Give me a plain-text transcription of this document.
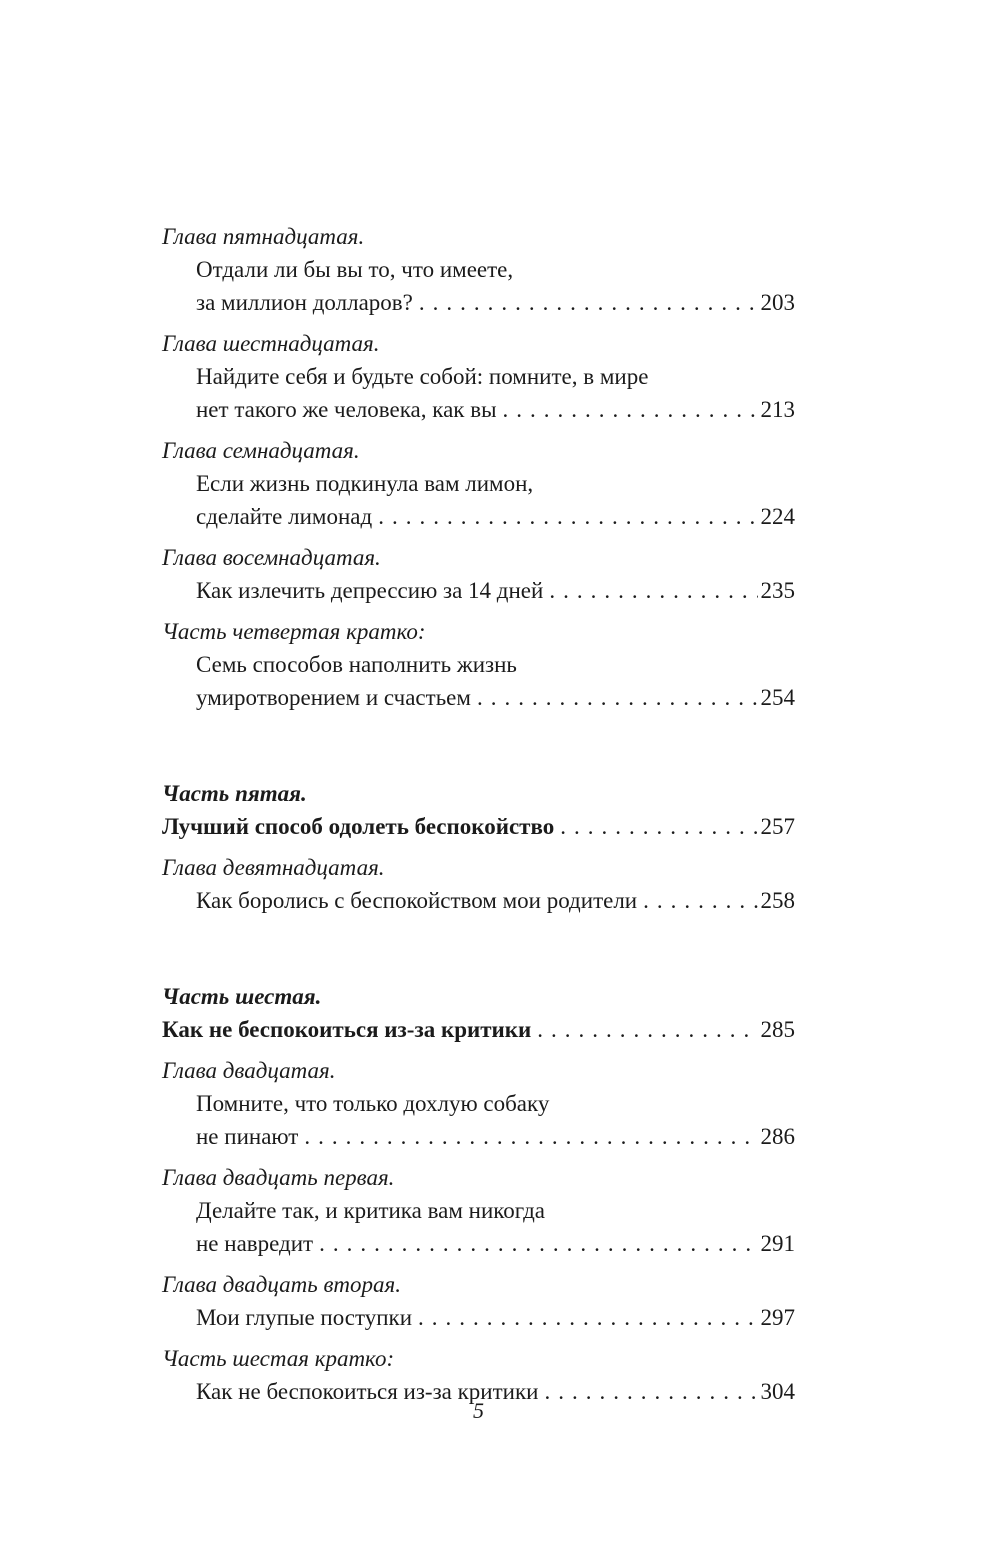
Глава пятнадцатая.
Отдали ли бы вы то, что имеете,
за миллион долларов? .....	203
Глава шестнадцатая.
Найдите себя и будьте собой: помните, в мире
нет такого же человека, как вы .....	213
Глава семнадцатая.
Если жизнь подкинула вам лимон,
сделайте лимонад .....	224
Глава восемнадцатая.
Как излечить депрессию за 14 дней .....	235
Часть четвертая кратко:
Семь способов наполнить жизнь
умиротворением и счастьем .....	254
Часть пятая.
Лучший способ одолеть беспокойство .....	257
Глава девятнадцатая.
Как боролись с беспокойством мои родители .....	258
Часть шестая.
Как не беспокоиться из-за критики .....	285
Глава двадцатая.
Помните, что только дохлую собаку
не пинают .....	286
Глава двадцать первая.
Делайте так, и критика вам никогда
не навредит .....	291
Глава двадцать вторая.
Мои глупые поступки .....	297
Часть шестая кратко:
Как не беспокоиться из-за критики .....	304
5
